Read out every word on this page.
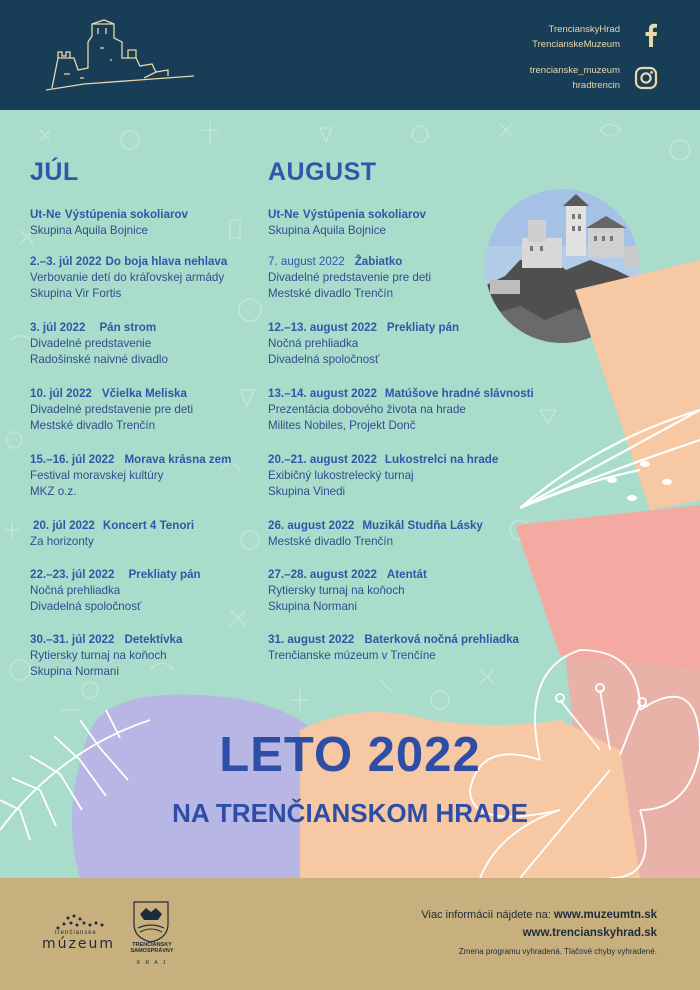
TrencianskyHrad
TrencianskeMuzeum
trencianske_muzeum
hradtrencin
JÚL
Ut-Ne Výstúpenia sokoliarov
Skupina Aquila Bojnice
2.–3. júl 2022 Do boja hlava nehlava
Verbovanie detí do kráľovskej armády
Skupina Vir Fortis
3. júl 2022 Pán strom
Divadelné predstavenie
Radošinské naivné divadlo
10. júl 2022 Včielka Meliska
Divadelné predstavenie pre deti
Mestské divadlo Trenčín
15.–16. júl 2022 Morava krásna zem
Festival moravskej kultúry
MKZ o.z.
20. júl 2022 Koncert 4 Tenori
Za horizonty
22.–23. júl 2022 Prekliaty pán
Nočná prehliadka
Divadelná spoločnosť
30.–31. júl 2022 Detektívka
Rytiersky turnaj na koňoch
Skupina Normani
AUGUST
Ut-Ne Výstúpenia sokoliarov
Skupina Aquila Bojnice
7. august 2022 Žabiatko
Divadelné predstavenie pre deti
Mestské divadlo Trenčín
12.–13. august 2022 Prekliaty pán
Nočná prehliadka
Divadelná spoločnosť
13.–14. august 2022 Matúšove hradné slávnosti
Prezentácia dobového života na hrade
Milites Nobiles, Projekt Donč
20.–21. august 2022 Lukostrelci na hrade
Exibičný lukostrelecký turnaj
Skupina Vinedi
26. august 2022 Muzikál Studňa Lásky
Mestské divadlo Trenčín
27.–28. august 2022 Atentát
Rytiersky turnaj na koňoch
Skupina Normani
31. august 2022 Baterková nočná prehliadka
Trenčianske múzeum v Trenčíne
LETO 2022
NA TRENČIANSKOM HRADE
trenčianske
múzeum	TRENČIANSKY
SAMOSPRÁVNY
K R A J
Viac informácií nájdete na: www.muzeumtn.sk
www.trencianskyhrad.sk
Zmena programu vyhradená. Tlačové chyby vyhradené.
